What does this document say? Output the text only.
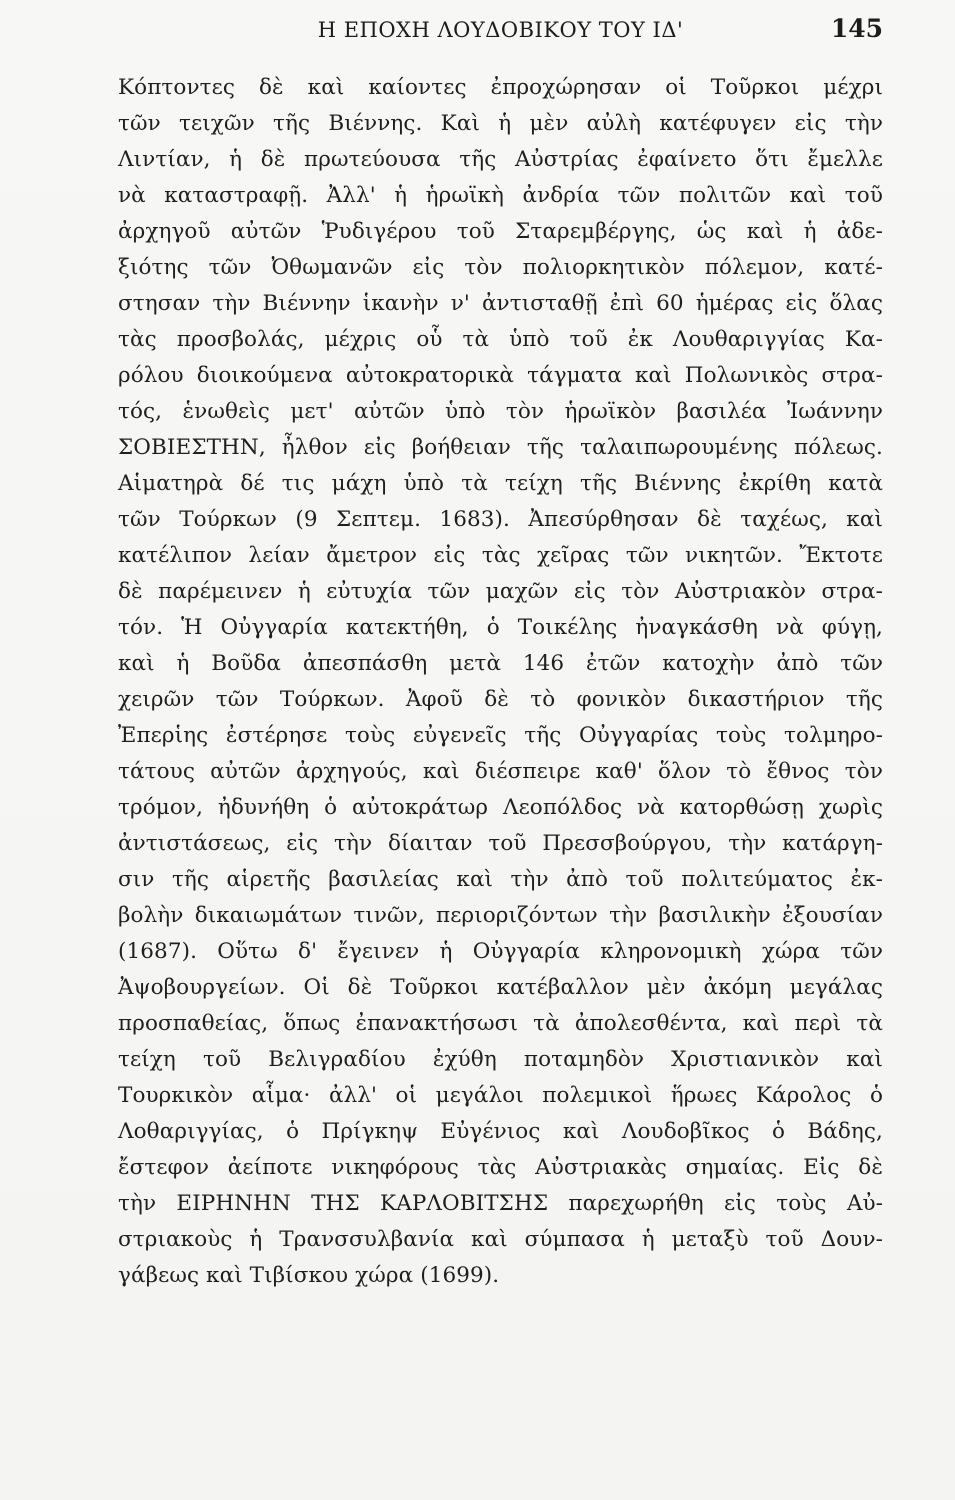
Η ΕΠΟΧΗ ΛΟΥΔΟΒΙΚΟΥ ΤΟΥ ΙΔ'	145
Κόπτοντες δὲ καὶ καίοντες ἐπροχώρησαν οἱ Τοῦρκοι μέχρι
τῶν τειχῶν τῆς Βιέννης. Καὶ ἡ μὲν αὐλὴ κατέφυγεν εἰς τὴν
Λιντίαν, ἡ δὲ πρωτεύουσα τῆς Αὐστρίας ἐφαίνετο ὅτι ἔμελλε
νὰ καταστραφῇ. Ἀλλ' ἡ ἡρωϊκὴ ἀνδρία τῶν πολιτῶν καὶ τοῦ
ἀρχηγοῦ αὐτῶν Ῥυδιγέρου τοῦ Σταρεμβέργης, ὡς καὶ ἡ ἀδε-
ξιότης τῶν Ὀθωμανῶν εἰς τὸν πολιορκητικὸν πόλεμον, κατέ-
στησαν τὴν Βιέννην ἱκανὴν ν' ἀντισταθῇ ἐπὶ 60 ἡμέρας εἰς ὅλας
τὰς προσβολάς, μέχρις οὗ τὰ ὑπὸ τοῦ ἐκ Λουθαριγγίας Κα-
ρόλου διοικούμενα αὐτοκρατορικὰ τάγματα καὶ Πολωνικὸς στρα-
τός, ἑνωθεὶς μετ' αὐτῶν ὑπὸ τὸν ἡρωϊκὸν βασιλέα Ἰωάννην
ΣΟΒΙΕΣΤΗΝ, ἦλθον εἰς βοήθειαν τῆς ταλαιπωρουμένης πόλεως.
Αἱματηρὰ δέ τις μάχη ὑπὸ τὰ τείχη τῆς Βιέννης ἐκρίθη κατὰ
τῶν Τούρκων (9 Σεπτεμ. 1683). Ἀπεσύρθησαν δὲ ταχέως, καὶ
κατέλιπον λείαν ἄμετρον εἰς τὰς χεῖρας τῶν νικητῶν. Ἔκτοτε
δὲ παρέμεινεν ἡ εὐτυχία τῶν μαχῶν εἰς τὸν Αὐστριακὸν στρα-
τόν. Ἡ Οὐγγαρία κατεκτήθη, ὁ Τοικέλης ἠναγκάσθη νὰ φύγῃ,
καὶ ἡ Βοῦδα ἀπεσπάσθη μετὰ 146 ἐτῶν κατοχὴν ἀπὸ τῶν
χειρῶν τῶν Τούρκων. Ἀφοῦ δὲ τὸ φονικὸν δικαστήριον τῆς
Ἐπερἱης ἐστέρησε τοὺς εὐγενεῖς τῆς Οὐγγαρίας τοὺς τολμηρο-
τάτους αὐτῶν ἀρχηγούς, καὶ διέσπειρε καθ' ὅλον τὸ ἔθνος τὸν
τρόμον, ἠδυνήθη ὁ αὐτοκράτωρ Λεοπόλδος νὰ κατορθώσῃ χωρὶς
ἀντιστάσεως, εἰς τὴν δίαιταν τοῦ Πρεσσβούργου, τὴν κατάργη-
σιν τῆς αἱρετῆς βασιλείας καὶ τὴν ἀπὸ τοῦ πολιτεύματος ἐκ-
βολὴν δικαιωμάτων τινῶν, περιοριζόντων τὴν βασιλικὴν ἐξουσίαν
(1687). Οὕτω δ' ἔγεινεν ἡ Οὐγγαρία κληρονομικὴ χώρα τῶν
Ἀψοβουργείων. Οἱ δὲ Τοῦρκοι κατέβαλλον μὲν ἀκόμη μεγάλας
προσπαθείας, ὅπως ἐπανακτήσωσι τὰ ἀπολεσθέντα, καὶ περὶ τὰ
τείχη τοῦ Βελιγραδίου ἐχύθη ποταμηδὸν Χριστιανικὸν καὶ
Τουρκικὸν αἷμα· ἀλλ' οἱ μεγάλοι πολεμικοὶ ἥρωες Κάρολος ὁ
Λοθαριγγίας, ὁ Πρίγκηψ Εὐγένιος καὶ Λουδοβῖκος ὁ Βάδης,
ἔστεφον ἀείποτε νικηφόρους τὰς Αὐστριακὰς σημαίας. Εἰς δὲ
τὴν ΕΙΡΗΝΗΝ ΤΗΣ ΚΑΡΛΟΒΙΤΣΗΣ παρεχωρήθη εἰς τοὺς Αὐ-
στριακοὺς ἡ Τρανσσυλβανία καὶ σύμπασα ἡ μεταξὺ τοῦ Δουν-
γάβεως καὶ Τιβίσκου χώρα (1699).
